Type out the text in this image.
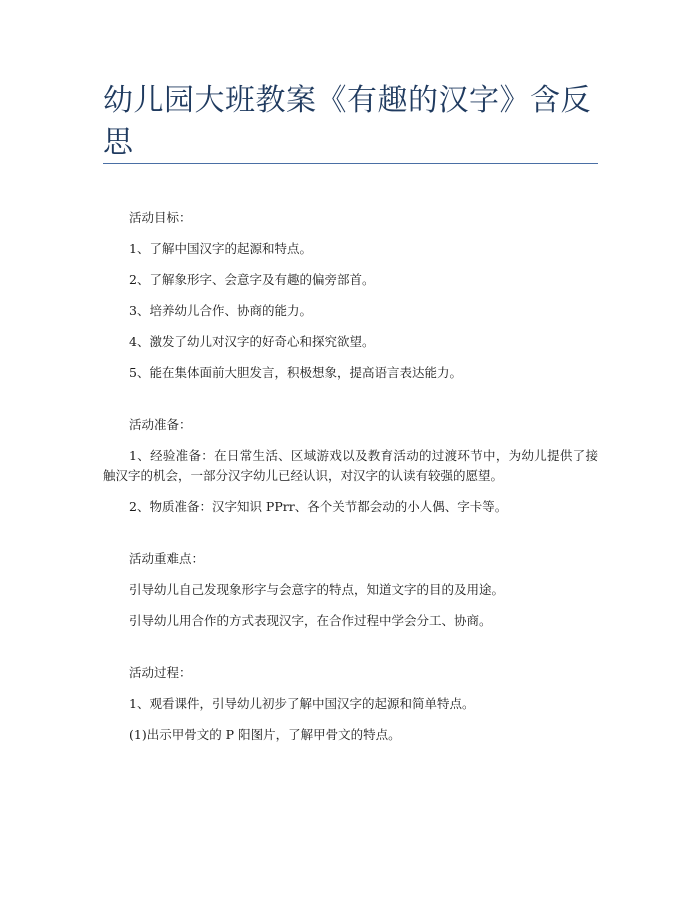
幼儿园大班教案《有趣的汉字》含反思
活动目标：
1、了解中国汉字的起源和特点。
2、了解象形字、会意字及有趣的偏旁部首。
3、培养幼儿合作、协商的能力。
4、激发了幼儿对汉字的好奇心和探究欲望。
5、能在集体面前大胆发言，积极想象，提高语言表达能力。
活动准备：
1、经验准备：在日常生活、区域游戏以及教育活动的过渡环节中，为幼儿提供了接触汉字的机会，一部分汉字幼儿已经认识，对汉字的认读有较强的愿望。
2、物质准备：汉字知识 PPrr、各个关节都会动的小人偶、字卡等。
活动重难点：
引导幼儿自己发现象形字与会意字的特点，知道文字的目的及用途。
引导幼儿用合作的方式表现汉字，在合作过程中学会分工、协商。
活动过程：
1、观看课件，引导幼儿初步了解中国汉字的起源和简单特点。
(1)出示甲骨文的 P 阳图片，了解甲骨文的特点。
